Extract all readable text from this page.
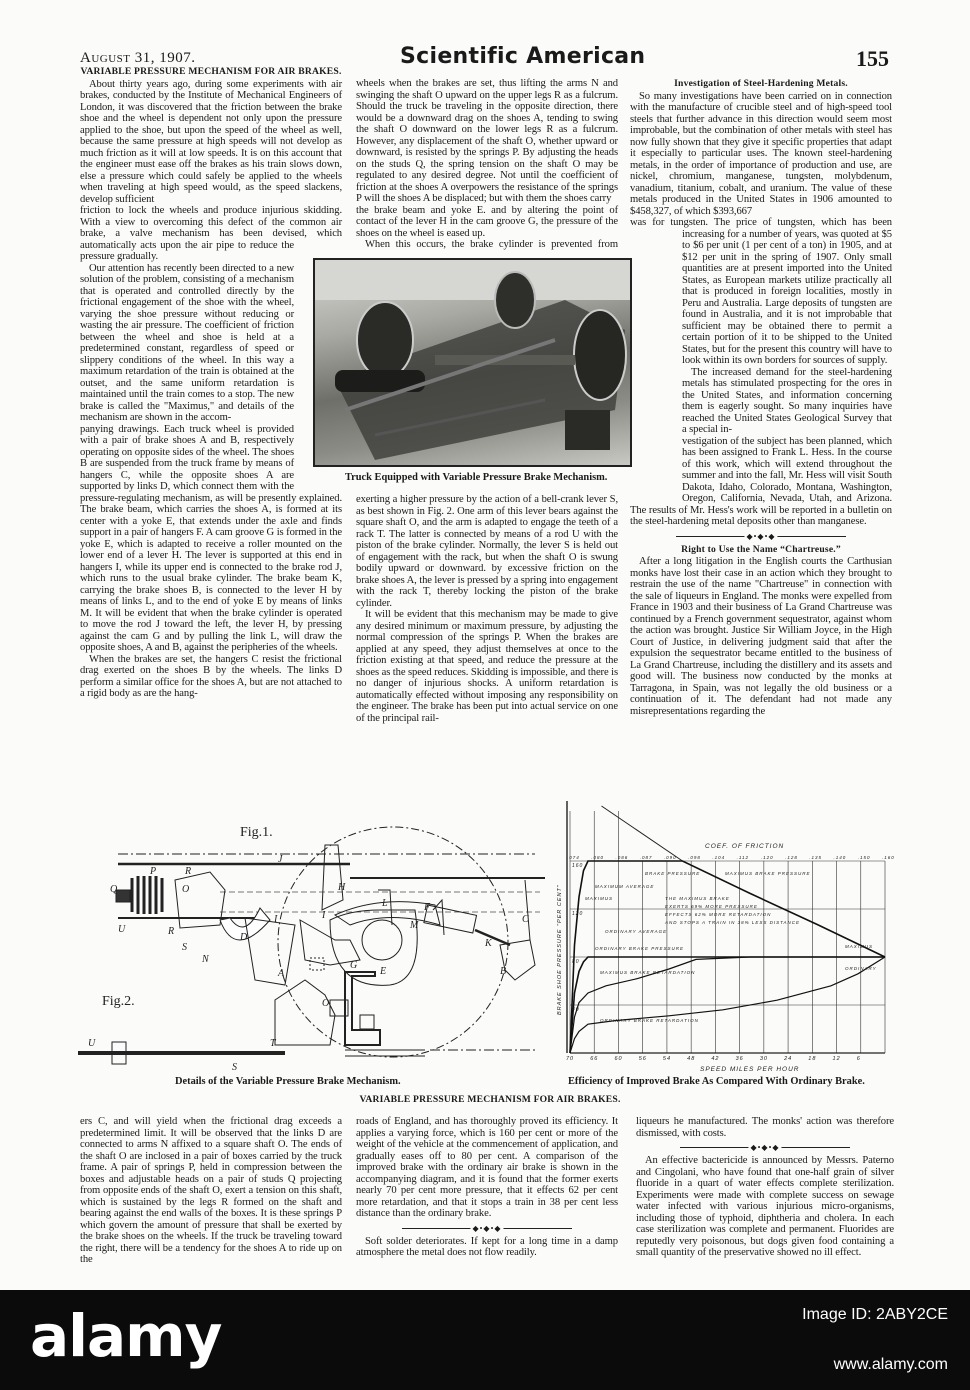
August 31, 1907.	Scientific American	155
VARIABLE PRESSURE MECHANISM FOR AIR BRAKES.

About thirty years ago, during some experiments with air brakes, conducted by the Institute of Mechanical Engineers of London, it was discovered that the friction between the brake shoe and the wheel is dependent not only upon the pressure applied to the shoe, but upon the speed of the wheel as well, because the same pressure at high speeds will not develop as much friction as it will at low speeds. It is on this account that the engineer must ease off the brakes as his train slows down, else a pressure which could safely be applied to the wheels when traveling at high speed would, as the speed slackens, develop sufficient

friction to lock the wheels and produce injurious skidding. With a view to overcoming this defect of the common air brake, a valve mechanism has been devised, which automatically acts upon the air pipe to reduce the pressure gradually.

Our attention has recently been directed to a new solution of the problem, consisting of a mechanism that is operated and controlled directly by the frictional engagement of the shoe with the wheel, varying the shoe pressure without reducing or wasting the air pressure. The coefficient of friction between the wheel and shoe is held at a predetermined constant, regardless of speed or slippery conditions of the wheel. In this way a maximum retardation of the train is obtained at the outset, and the same uniform retardation is maintained until the train comes to a stop. The new brake is called the "Maximus," and details of the mechanism are shown in the accom-

panying drawings. Each truck wheel is provided with a pair of brake shoes A and B, respectively operating on opposite sides of the wheel. The shoes B are suspended from the truck frame by means of hangers C, while the opposite shoes A are supported by links D, which connect them with the pressure-regulating mechanism, as will be presently explained. The brake beam, which carries the shoes A, is formed at its center with a yoke E, that extends under the axle and finds support in a pair of hangers F. A cam groove G is formed in the yoke E, which is adapted to receive a roller mounted on the lower end of a lever H. The lever is supported at this end in hangers I, while its upper end is connected to the brake rod J, which runs to the usual brake cylinder. The brake beam K, carrying the brake shoes B, is connected to the lever H by means of links L, and to the end of yoke E by means of links M. It will be evident that when the brake cylinder is operated to move the rod J toward the left, the lever H, by pressing against the cam G and by pulling the link L, will draw the opposite shoes, A and B, against the peripheries of the wheels.

When the brakes are set, the hangers C resist the frictional drag exerted on the shoes B by the wheels. The links D perform a similar office for the shoes A, but are not attached to a rigid body as are the hang-

wheels when the brakes are set, thus lifting the arms N and swinging the shaft O upward on the upper legs R as a fulcrum. Should the truck be traveling in the opposite direction, there would be a downward drag on the shoes A, tending to swing the shaft O downward on the lower legs R as a fulcrum. However, any displacement of the shaft O, whether upward or downward, is resisted by the springs P. By adjusting the heads on the studs Q, the spring tension on the shaft O may be regulated to any desired degree. Not until the coefficient of friction at the shoes A overpowers the resistance of the springs P will the shoes A be displaced; but with them the shoes carry

the brake beam and yoke E. and by altering the point of contact of the lever H in the cam groove G, the pressure of the shoes on the wheel is eased up.

When this occurs, the brake cylinder is prevented from exerting a higher pressure by the action of a bell-crank lever S, as best shown in Fig. 2. One arm of this lever bears against the square shaft O, and the arm is adapted to engage the teeth of a rack T. The latter is connected by means of a rod U with the piston of the brake cylinder. Normally, the lever S is held out of engagement with the rack, but when the shaft O is swung bodily upward or downward. by excessive friction on the brake shoes A, the lever is pressed by a spring into engagement with the rack T, thereby locking the piston of the brake cylinder.

It will be evident that this mechanism may be made to give any desired minimum or maximum pressure, by adjusting the normal compression of the springs P. When the brakes are applied at any speed, they adjust themselves at once to the friction existing at that speed, and reduce the pressure at the shoes as the speed reduces. Skidding is impossible, and there is no danger of injurious shocks. A uniform retardation is automatically effected without imposing any responsibility on the engineer. The brake has been put into actual service on one of the principal rail-

Truck Equipped with Variable Pressure Brake Mechanism.
Investigation of Steel-Hardening Metals.

So many investigations have been carried on in connection with the manufacture of crucible steel and of high-speed tool steels that further advance in this direction would seem most improbable, but the combination of other metals with steel has now fully shown that they give it specific properties that adapt it especially to particular uses. The known steel-hardening metals, in the order of importance of production and use, are nickel, chromium, manganese, tungsten, molybdenum, vanadium, titanium, cobalt, and uranium. The value of these metals produced in the United States in 1906 amounted to $458,327, of which $393,667

was for tungsten. The price of tungsten, which has been increasing for a number of years, was quoted at $5 to $6 per unit (1 per cent of a ton) in 1905, and at $12 per unit in the spring of 1907. Only small quantities are at present imported into the United States, as European markets utilize practically all that is produced in foreign localities, mostly in Peru and Australia. Large deposits of tungsten are found in Australia, and it is not improbable that sufficient may be obtained there to permit a certain portion of it to be shipped to the United States, but for the present this country will have to look within its own borders for sources of supply.

The increased demand for the steel-hardening metals has stimulated prospecting for the ores in the United States, and information concerning them is eagerly sought. So many inquiries have reached the United States Geological Survey that a special in-

vestigation of the subject has been planned, which has been assigned to Frank L. Hess. In the course of this work, which will extend throughout the summer and into the fall, Mr. Hess will visit South Dakota, Idaho, Colorado, Montana, Washington, Oregon, California, Nevada, Utah, and Arizona. The results of Mr. Hess's work will be reported in a bulletin on the steel-hardening metal deposits other than manganese.

◆•◆•◆
Right to Use the Name “Chartreuse.”

After a long litigation in the English courts the Carthusian monks have lost their case in an action which they brought to restrain the use of the name "Chartreuse" in connection with the sale of liqueurs in England. The monks were expelled from France in 1903 and their business of La Grand Chartreuse was continued by a French government sequestrator, against whom the action was brought. Justice Sir William Joyce, in the High Court of Justice, in delivering judgment said that after the expulsion the sequestrator became entitled to the business of La Grand Chartreuse, including the distillery and its assets and good will. The business now conducted by the monks at Tarragona, in Spain, was not legally the old business or a continuation of it. The defendant had not made any misrepresentations regarding the

Fig.1.
Fig.2.
J
P	R
Q	O
U	R
S
N
D
I
H
I
L	F
M
G
E
K
C
B
A
O
U
S
T
70	66	60	56	54	48	42	36	30	24	18	12	6
.074	.080	.086	.087	.090	.098	.104	.112	.120	.128	.135	.140	.150	.160
160
120
80
40
BRAKE PRESSURE
MAXIMUS
MAXIMUM AVERAGE
ORDINARY AVERAGE
THE MAXIMUS BRAKE
EXERTS 69% MORE PRESSURE
EFFECTS 62% MORE RETARDATION
AND STOPS A TRAIN IN 38% LESS DISTANCE
MAXIMUS
ORDINARY
MAXIMUS BRAKE PRESSURE
ORDINARY BRAKE PRESSURE
MAXIMUS BRAKE RETARDATION
ORDINARY BRAKE RETARDATION
SPEED MILES PER HOUR
BRAKE SHOE PRESSURE "PER CENT"
COEF. OF FRICTION
Details of the Variable Pressure Brake Mechanism.	Efficiency of Improved Brake As Compared With Ordinary Brake.
VARIABLE PRESSURE MECHANISM FOR AIR BRAKES.

ers C, and will yield when the frictional drag exceeds a predetermined limit. It will be observed that the links D are connected to arms N affixed to a square shaft O. The ends of the shaft O are inclosed in a pair of boxes carried by the truck frame. A pair of springs P, held in compression between the boxes and adjustable heads on a pair of studs Q projecting from opposite ends of the shaft O, exert a tension on this shaft, which is sustained by the legs R formed on the shaft and bearing against the end walls of the boxes. It is these springs P which govern the amount of pressure that shall be exerted by the brake shoes on the wheels. If the truck be traveling toward the right, there will be a tendency for the shoes A to ride up on the

roads of England, and has thoroughly proved its efficiency. It applies a varying force, which is 160 per cent or more of the weight of the vehicle at the commencement of application, and gradually eases off to 80 per cent. A comparison of the improved brake with the ordinary air brake is shown in the accompanying diagram, and it is found that the former exerts nearly 70 per cent more pressure, that it effects 62 per cent more retardation, and that it stops a train in 38 per cent less distance than the ordinary brake.

◆•◆•◆

Soft solder deteriorates. If kept for a long time in a damp atmosphere the metal does not flow readily.

liqueurs he manufactured. The monks' action was therefore dismissed, with costs.

◆•◆•◆

An effective bactericide is announced by Messrs. Paterno and Cingolani, who have found that one-half grain of silver fluoride in a quart of water effects complete sterilization. Experiments were made with complete success on sewage water infected with various injurious micro-organisms, including those of typhoid, diphtheria and cholera. In each case sterilization was complete and permanent. Fluorides are reputedly very poisonous, but dogs given food containing a small quantity of the preservative showed no ill effect.

alamy	Image ID: 2ABY2CE
www.alamy.com
